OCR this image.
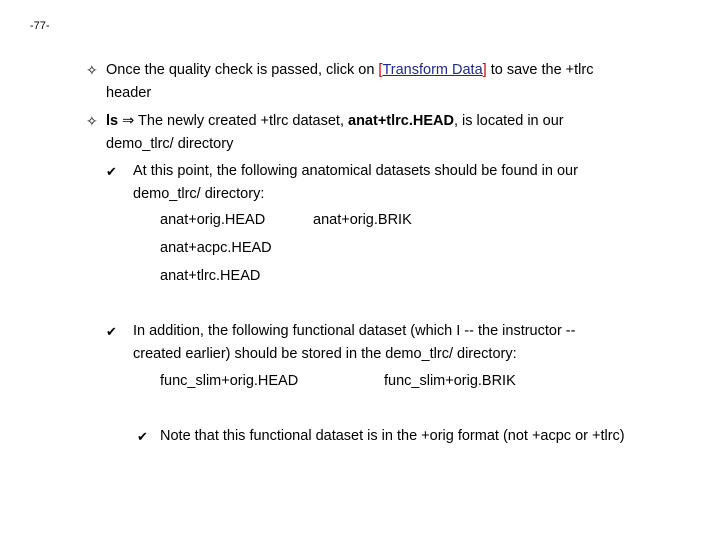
-77-
✧ Once the quality check is passed, click on [Transform Data] to save the +tlrc
header
✧ ls ⇒ The newly created +tlrc dataset, anat+tlrc.HEAD, is located in our
demo_tlrc/ directory
✔ At this point, the following anatomical datasets should be found in our
demo_tlrc/ directory:
anat+orig.HEAD	anat+orig.BRIK
anat+acpc.HEAD
anat+tlrc.HEAD
✔ In addition, the following functional dataset (which I -- the instructor --
created earlier) should be stored in the demo_tlrc/ directory:
func_slim+orig.HEAD	func_slim+orig.BRIK
✔ Note that this functional dataset is in the +orig format (not +acpc or +tlrc)
